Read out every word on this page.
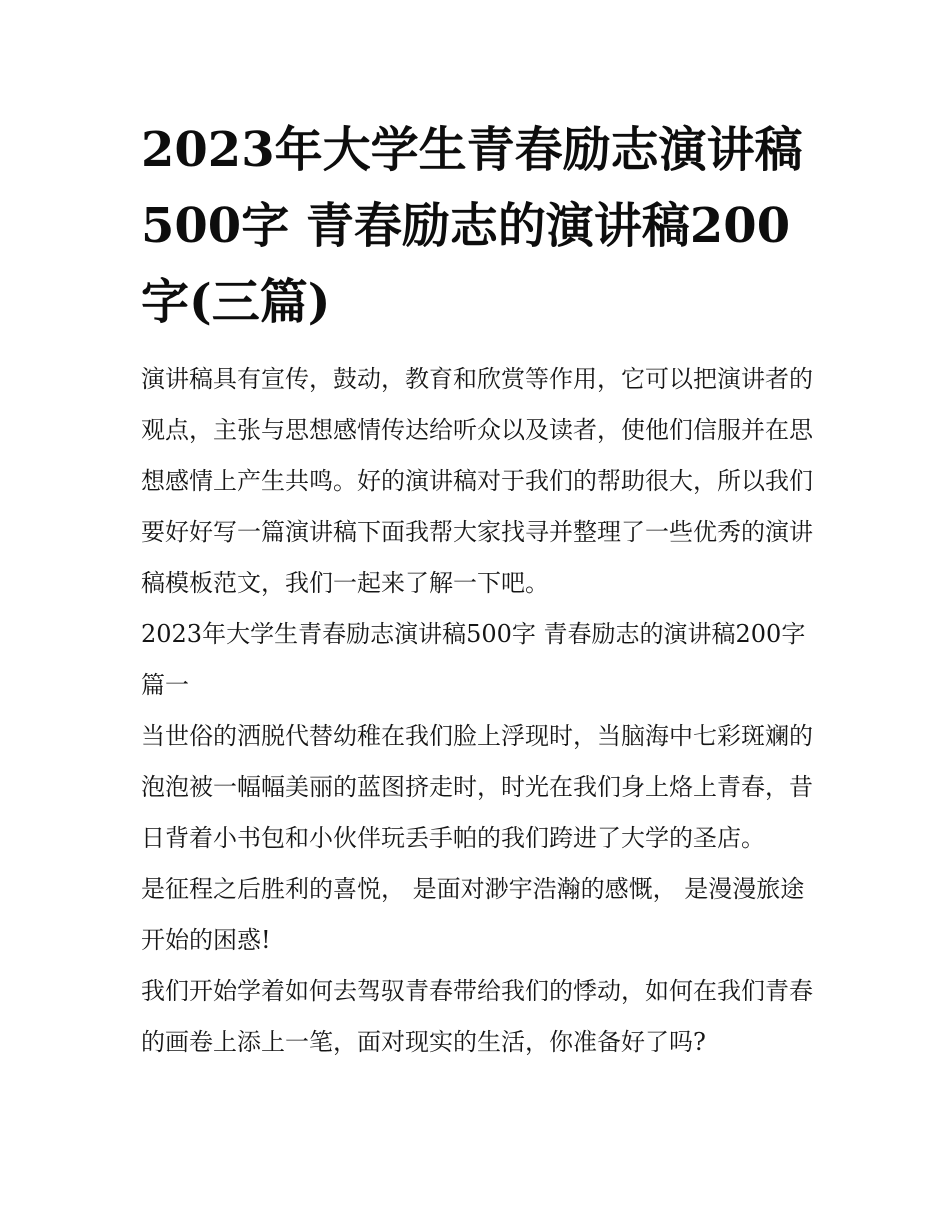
2023年大学生青春励志演讲稿500字 青春励志的演讲稿200字(三篇)

演讲稿具有宣传，鼓动，教育和欣赏等作用，它可以把演讲者的观点，主张与思想感情传达给听众以及读者，使他们信服并在思想感情上产生共鸣。好的演讲稿对于我们的帮助很大，所以我们要好好写一篇演讲稿下面我帮大家找寻并整理了一些优秀的演讲稿模板范文，我们一起来了解一下吧。

2023年大学生青春励志演讲稿500字 青春励志的演讲稿200字篇一

当世俗的洒脱代替幼稚在我们脸上浮现时，当脑海中七彩斑斓的泡泡被一幅幅美丽的蓝图挤走时，时光在我们身上烙上青春，昔日背着小书包和小伙伴玩丢手帕的我们跨进了大学的圣店。

是征程之后胜利的喜悦， 是面对渺宇浩瀚的感慨， 是漫漫旅途开始的困惑!

我们开始学着如何去驾驭青春带给我们的悸动，如何在我们青春的画卷上添上一笔，面对现实的生活，你准备好了吗?
